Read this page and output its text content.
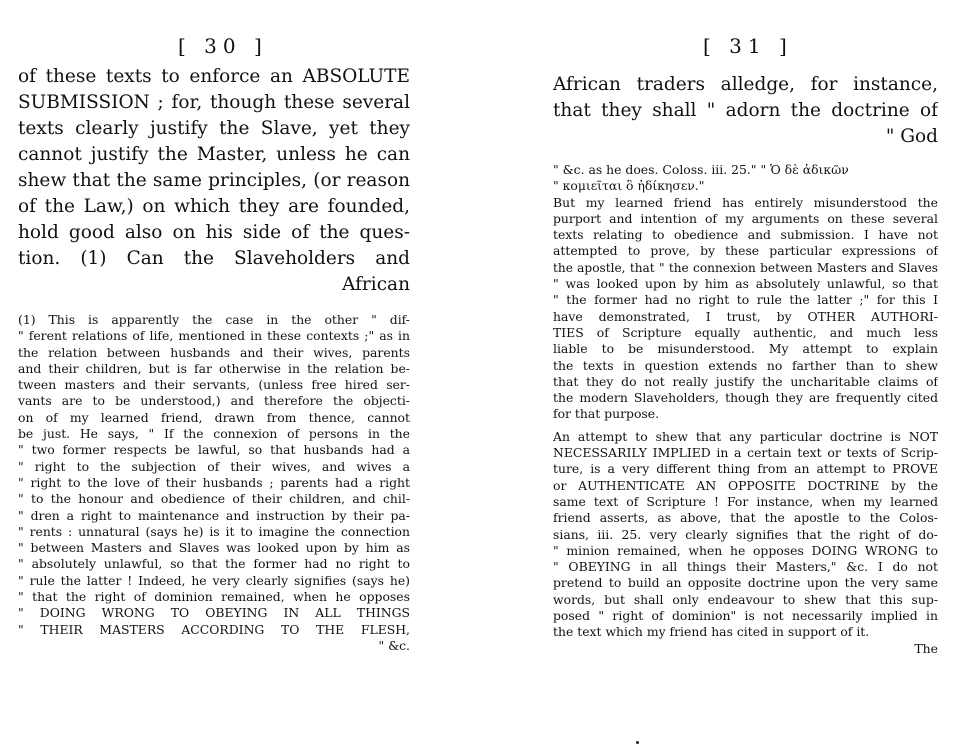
[ 30 ]
of these texts to enforce an ABSOLUTE
SUBMISSION ; for, though these several
texts clearly justify the Slave, yet they
cannot justify the Master, unless he can
shew that the same principles, (or reason
of the Law,) on which they are founded,
hold good also on his side of the ques-
tion. (1) Can the Slaveholders and
African
(1) This is apparently the case in the other " dif-
" ferent relations of life, mentioned in these contexts ;" as in
the relation between husbands and their wives, parents
and their children, but is far otherwise in the relation be-
tween masters and their servants, (unless free hired ser-
vants are to be understood,) and therefore the objecti-
on of my learned friend, drawn from thence, cannot
be just. He says, " If the connexion of persons in the
" two former respects be lawful, so that husbands had a
" right to the subjection of their wives, and wives a
" right to the love of their husbands ; parents had a right
" to the honour and obedience of their children, and chil-
" dren a right to maintenance and instruction by their pa-
" rents : unnatural (says he) is it to imagine the connection
" between Masters and Slaves was looked upon by him as
" absolutely unlawful, so that the former had no right to
" rule the latter ! Indeed, he very clearly signifies (says he)
" that the right of dominion remained, when he opposes
" DOING WRONG TO OBEYING IN ALL THINGS
" THEIR MASTERS ACCORDING TO THE FLESH,
" &c.
[ 31 ]
African traders alledge, for instance,
that they shall " adorn the doctrine of
" God
" &c. as he does. Coloss. iii. 25." " Ὁ δὲ ἀδικῶν
" κομιεῖται ὃ ἠδίκησεν."
But my learned friend has entirely misunderstood the
purport and intention of my arguments on these several
texts relating to obedience and submission. I have not
attempted to prove, by these particular expressions of
the apostle, that " the connexion between Masters and Slaves
" was looked upon by him as absolutely unlawful, so that
" the former had no right to rule the latter ;" for this I
have demonstrated, I trust, by OTHER AUTHORI-
TIES of Scripture equally authentic, and much less
liable to be misunderstood. My attempt to explain
the texts in question extends no farther than to shew
that they do not really justify the uncharitable claims of
the modern Slaveholders, though they are frequently cited
for that purpose.
An attempt to shew that any particular doctrine is NOT
NECESSARILY IMPLIED in a certain text or texts of Scrip-
ture, is a very different thing from an attempt to PROVE
or AUTHENTICATE AN OPPOSITE DOCTRINE by the
same text of Scripture ! For instance, when my learned
friend asserts, as above, that the apostle to the Colos-
sians, iii. 25. very clearly signifies that the right of do-
" minion remained, when he opposes DOING WRONG to
" OBEYING in all things their Masters," &c. I do not
pretend to build an opposite doctrine upon the very same
words, but shall only endeavour to shew that this sup-
posed " right of dominion" is not necessarily implied in
the text which my friend has cited in support of it.
The
